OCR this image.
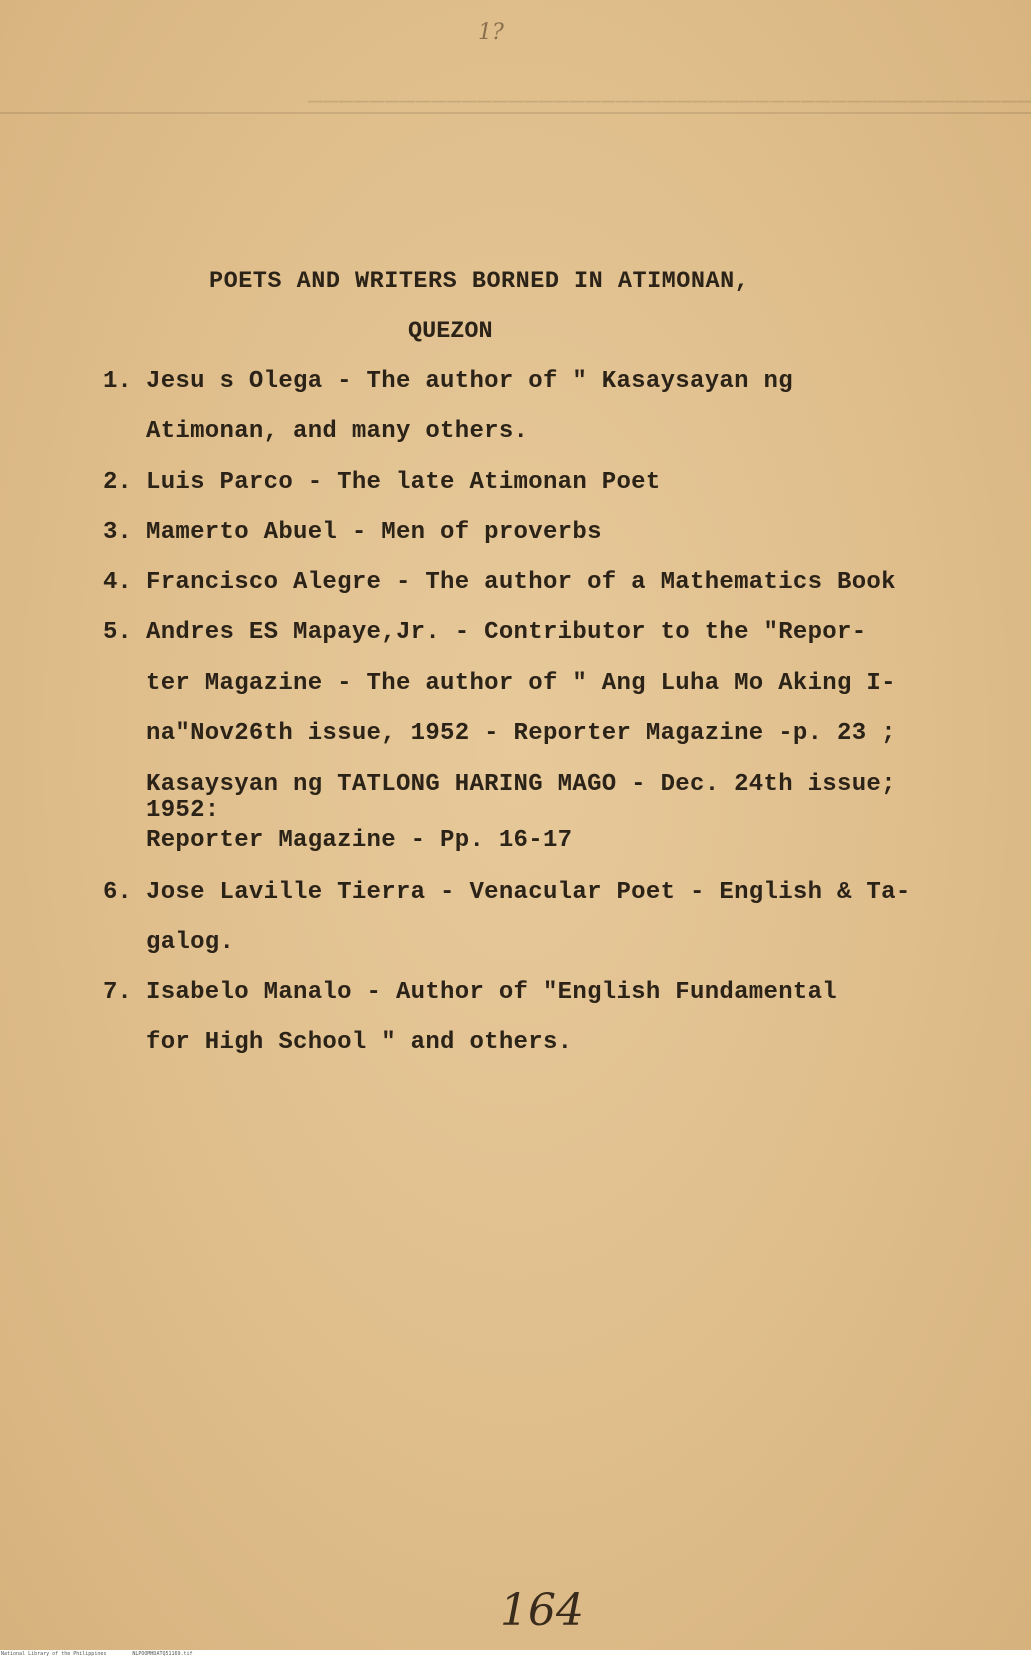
───────────────────────────────────────────────
1?
POETS AND WRITERS BORNED IN ATIMONAN,
QUEZON
1. Jesu s Olega - The author of " Kasaysayan ng
Atimonan, and many others.
2. Luis Parco - The late Atimonan Poet
3. Mamerto Abuel - Men of proverbs
4. Francisco Alegre - The author of a Mathematics Book
5. Andres ES Mapaye,Jr. - Contributor to the "Repor-
ter Magazine - The author of " Ang Luha Mo Aking I-
na"Nov26th issue, 1952 - Reporter Magazine -p. 23 ;
Kasaysyan ng TATLONG HARING MAGO - Dec. 24th issue;
1952:
Reporter Magazine - Pp. 16-17
6. Jose Laville Tierra - Venacular Poet - English & Ta-
galog.
7. Isabelo Manalo - Author of "English Fundamental
for High School " and others.
164
National Library of the Philippines	NLPOOMHDATQ51169.tif
